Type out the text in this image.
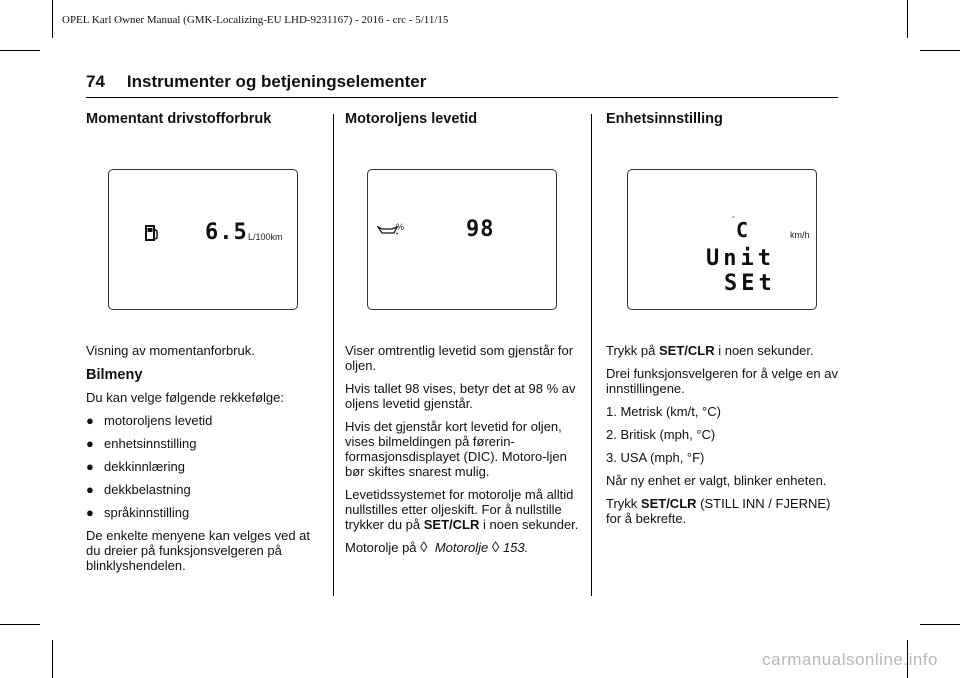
OPEL Karl Owner Manual (GMK-Localizing-EU LHD-9231167) - 2016 - crc - 5/11/15
74 Instrumenter og betjeningselementer
Momentant drivstofforbruk
6.5 L/100km

Visning av momentanforbruk.

Bilmeny

Du kan velge følgende rekkefølge:

● motoroljens levetid
● enhetsinnstilling
● dekkinnlæring
● dekkbelastning
● språkinnstilling

De enkelte menyene kan velges ved at du dreier på funksjonsvelgeren på blinklyshendelen.

Motoroljens levetid
%	98

Viser omtrentlig levetid som gjenstår for oljen.

Hvis tallet 98 vises, betyr det at 98 % av oljens levetid gjenstår.

Hvis det gjenstår kort levetid for oljen, vises bilmeldingen på førerin-formasjonsdisplayet (DIC). Motoro-ljen bør skiftes snarest mulig.

Levetidssystemet for motorolje må alltid nullstilles etter oljeskift. For å nullstille trykker du på SET/CLR i noen sekunder.

Motorolje på ◊ Motorolje ◊ 153.

Enhetsinnstilling
° C	km/h
Unit
SEt

Trykk på SET/CLR i noen sekunder.

Drei funksjonsvelgeren for å velge en av innstillingene.

1. Metrisk (km/t, °C)

2. Britisk (mph, °C)

3. USA (mph, °F)

Når ny enhet er valgt, blinker enheten.

Trykk SET/CLR (STILL INN / FJERNE) for å bekrefte.

carmanualsonline.info
